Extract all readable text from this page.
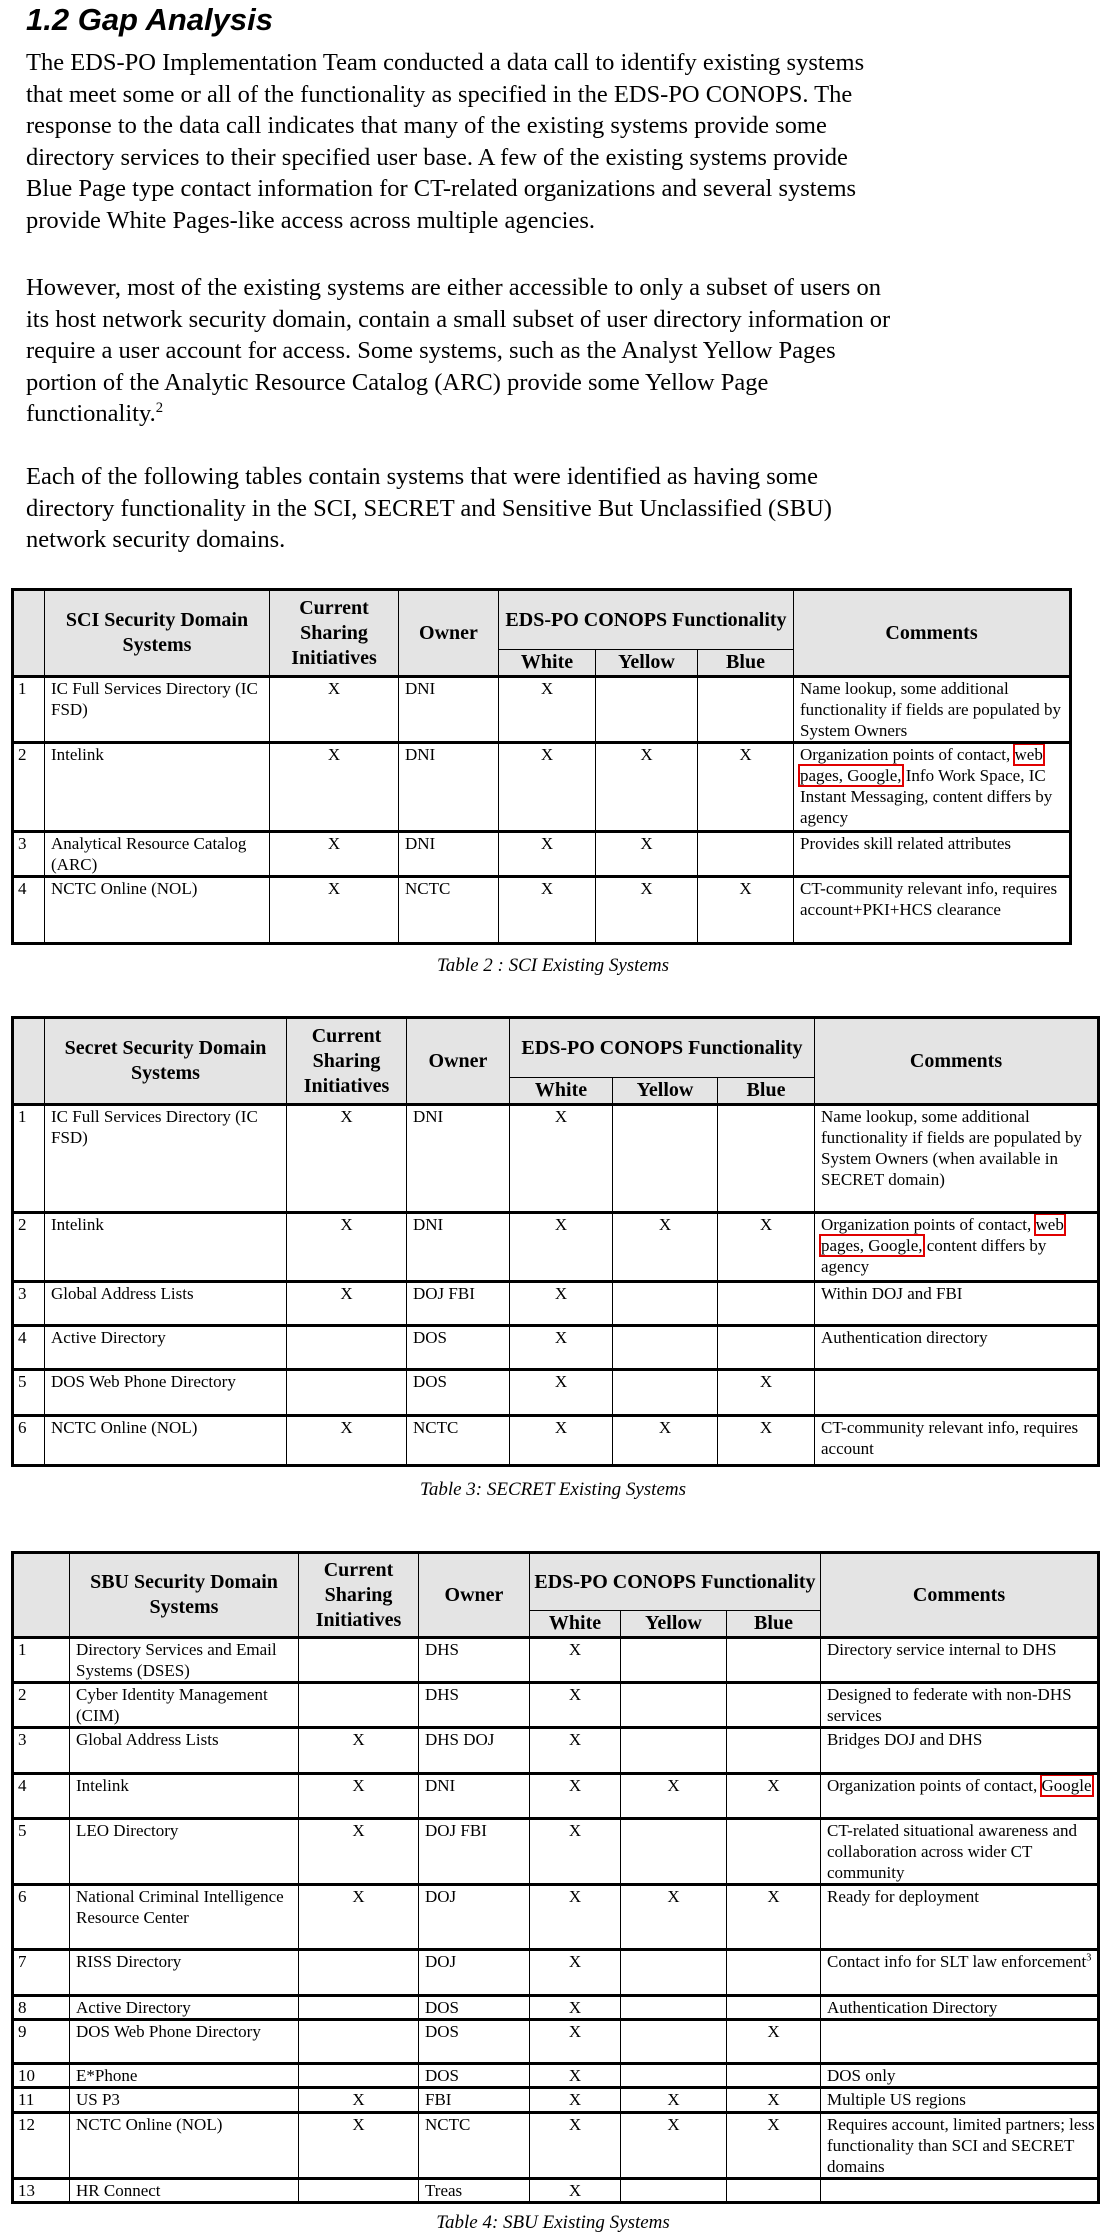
1.2 Gap Analysis
The EDS-PO Implementation Team conducted a data call to identify existing systems
that meet some or all of the functionality as specified in the EDS-PO CONOPS. The
response to the data call indicates that many of the existing systems provide some
directory services to their specified user base. A few of the existing systems provide
Blue Page type contact information for CT-related organizations and several systems
provide White Pages-like access across multiple agencies.
However, most of the existing systems are either accessible to only a subset of users on
its host network security domain, contain a small subset of user directory information or
require a user account for access. Some systems, such as the Analyst Yellow Pages
portion of the Analytic Resource Catalog (ARC) provide some Yellow Page
functionality.$^2$
Each of the following tables contain systems that were identified as having some
directory functionality in the SCI, SECRET and Sensitive But Unclassified (SBU)
network security domains.
	SCI Security Domain Systems	Current Sharing Initiatives	Owner	EDS-PO CONOPS Functionality			Comments
				White	Yellow	Blue	
1	IC Full Services Directory (IC FSD)	X	DNI	X			Name lookup, some additional functionality if fields are populated by System Owners
2	Intelink	X	DNI	X	X	X	Organization points of contact, web pages, Google, Info Work Space, IC Instant Messaging, content differs by agency
3	Analytical Resource Catalog (ARC)	X	DNI	X	X		Provides skill related attributes
4	NCTC Online (NOL)	X	NCTC	X	X	X	CT-community relevant info, requires account+PKI+HCS clearance
Table 2 : SCI Existing Systems
	Secret Security Domain Systems	Current Sharing Initiatives	Owner	EDS-PO CONOPS Functionality			Comments
				White	Yellow	Blue	
1	IC Full Services Directory (IC FSD)	X	DNI	X			Name lookup, some additional functionality if fields are populated by System Owners (when available in SECRET domain)
2	Intelink	X	DNI	X	X	X	Organization points of contact, web pages, Google, content differs by agency
3	Global Address Lists	X	DOJ FBI	X			Within DOJ and FBI
4	Active Directory		DOS	X			Authentication directory
5	DOS Web Phone Directory		DOS	X		X	
6	NCTC Online (NOL)	X	NCTC	X	X	X	CT-community relevant info, requires account
Table 3: SECRET Existing Systems
	SBU Security Domain Systems	Current Sharing Initiatives	Owner	EDS-PO CONOPS Functionality			Comments
				White	Yellow	Blue	
1	Directory Services and Email Systems (DSES)		DHS	X			Directory service internal to DHS
2	Cyber Identity Management (CIM)		DHS	X			Designed to federate with non-DHS services
3	Global Address Lists	X	DHS DOJ	X			Bridges DOJ and DHS
4	Intelink	X	DNI	X	X	X	Organization points of contact, Google
5	LEO Directory	X	DOJ FBI	X			CT-related situational awareness and collaboration across wider CT community
6	National Criminal Intelligence Resource Center	X	DOJ	X	X	X	Ready for deployment
7	RISS Directory		DOJ	X			Contact info for SLT law enforcement$^3$
8	Active Directory		DOS	X			Authentication Directory
9	DOS Web Phone Directory		DOS	X		X	
10	E*Phone		DOS	X			DOS only
11	US P3	X	FBI	X	X	X	Multiple US regions
12	NCTC Online (NOL)	X	NCTC	X	X	X	Requires account, limited partners; less functionality than SCI and SECRET domains
13	HR Connect		Treas	X			
Table 4: SBU Existing Systems
